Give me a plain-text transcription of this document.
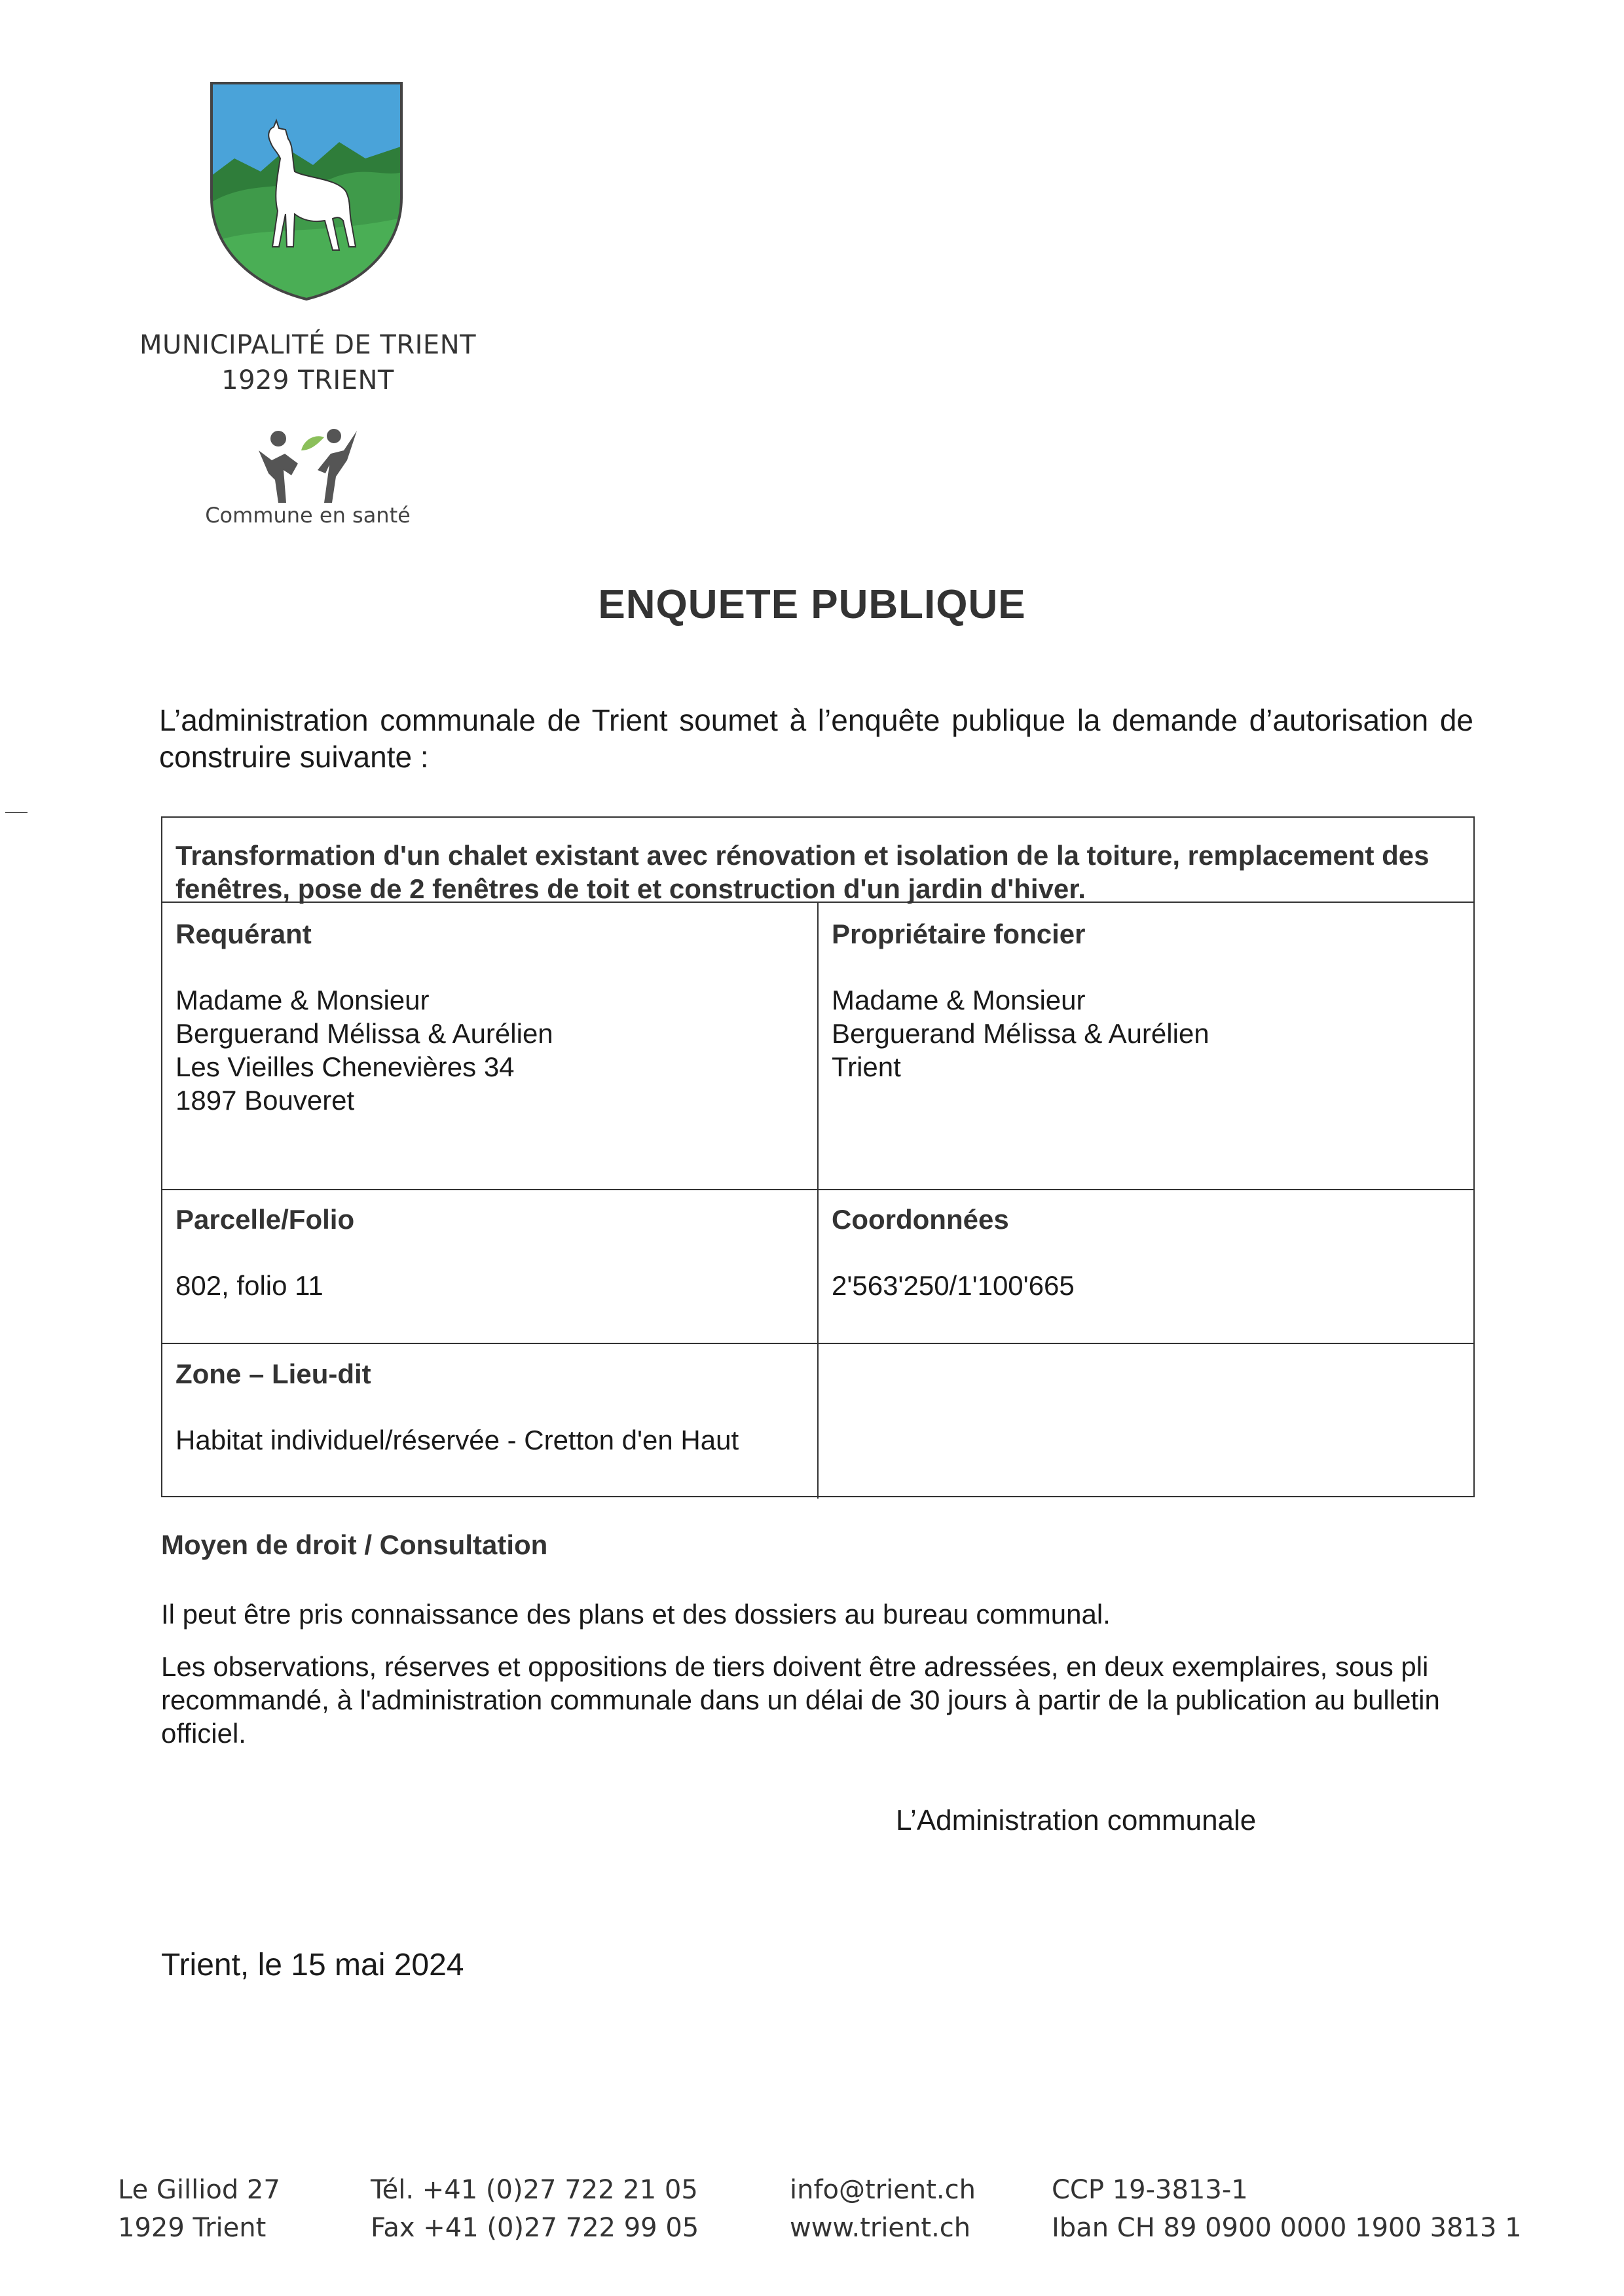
MUNICIPALITÉ DE TRIENT
1929 TRIENT
Commune en santé
ENQUETE PUBLIQUE
L’administration communale de Trient soumet à l’enquête publique la demande d’autorisation de construire suivante :
Transformation d'un chalet existant avec rénovation et isolation de la toiture, remplacement des fenêtres, pose de 2 fenêtres de toit et construction d'un jardin d'hiver.
Requérant
Madame & Monsieur
Berguerand Mélissa & Aurélien
Les Vieilles Chenevières 34
1897 Bouveret
Propriétaire foncier
Madame & Monsieur
Berguerand Mélissa & Aurélien
Trient
Parcelle/Folio
802, folio 11
Coordonnées
2'563'250/1'100'665
Zone – Lieu-dit
Habitat individuel/réservée - Cretton d'en Haut
Moyen de droit / Consultation
Il peut être pris connaissance des plans et des dossiers au bureau communal.
Les observations, réserves et oppositions de tiers doivent être adressées, en deux exemplaires, sous pli recommandé, à l'administration communale dans un délai de 30 jours à partir de la publication au bulletin officiel.
L’Administration communale
Trient, le 15 mai 2024
Le Gilliod 27
1929 Trient
Tél. +41 (0)27 722 21 05
Fax +41 (0)27 722 99 05
info@trient.ch
www.trient.ch
CCP 19-3813-1
Iban CH 89 0900 0000 1900 3813 1
